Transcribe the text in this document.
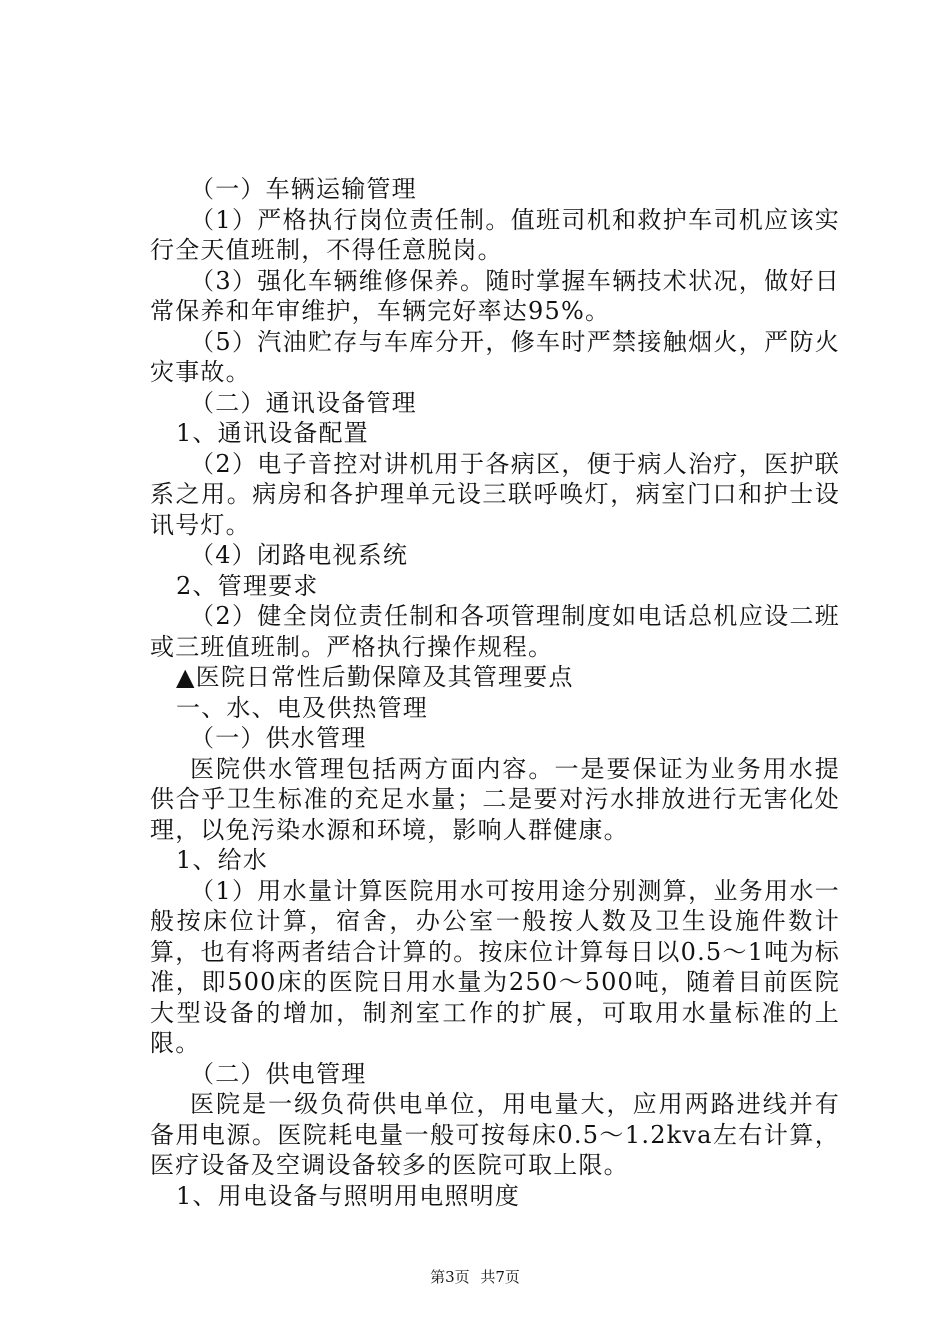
（一）车辆运输管理

（1）严格执行岗位责任制。值班司机和救护车司机应该实行全天值班制，不得任意脱岗。

（3）强化车辆维修保养。随时掌握车辆技术状况，做好日常保养和年审维护，车辆完好率达95%。

（5）汽油贮存与车库分开，修车时严禁接触烟火，严防火灾事故。

（二）通讯设备管理

1、通讯设备配置

（2）电子音控对讲机用于各病区，便于病人治疗，医护联系之用。病房和各护理单元设三联呼唤灯，病室门口和护士设讯号灯。

（4）闭路电视系统

2、管理要求

（2）健全岗位责任制和各项管理制度如电话总机应设二班或三班值班制。严格执行操作规程。

▲医院日常性后勤保障及其管理要点

一、水、电及供热管理

（一）供水管理

医院供水管理包括两方面内容。一是要保证为业务用水提供合乎卫生标准的充足水量；二是要对污水排放进行无害化处理，以免污染水源和环境，影响人群健康。

1、给水

（1）用水量计算医院用水可按用途分别测算，业务用水一般按床位计算，宿舍，办公室一般按人数及卫生设施件数计算，也有将两者结合计算的。按床位计算每日以0.5～1吨为标准，即500床的医院日用水量为250～500吨，随着目前医院大型设备的增加，制剂室工作的扩展，可取用水量标准的上限。

（二）供电管理

医院是一级负荷供电单位，用电量大，应用两路进线并有备用电源。医院耗电量一般可按每床0.5～1.2kva左右计算，医疗设备及空调设备较多的医院可取上限。

1、用电设备与照明用电照明度

第3页 共7页
